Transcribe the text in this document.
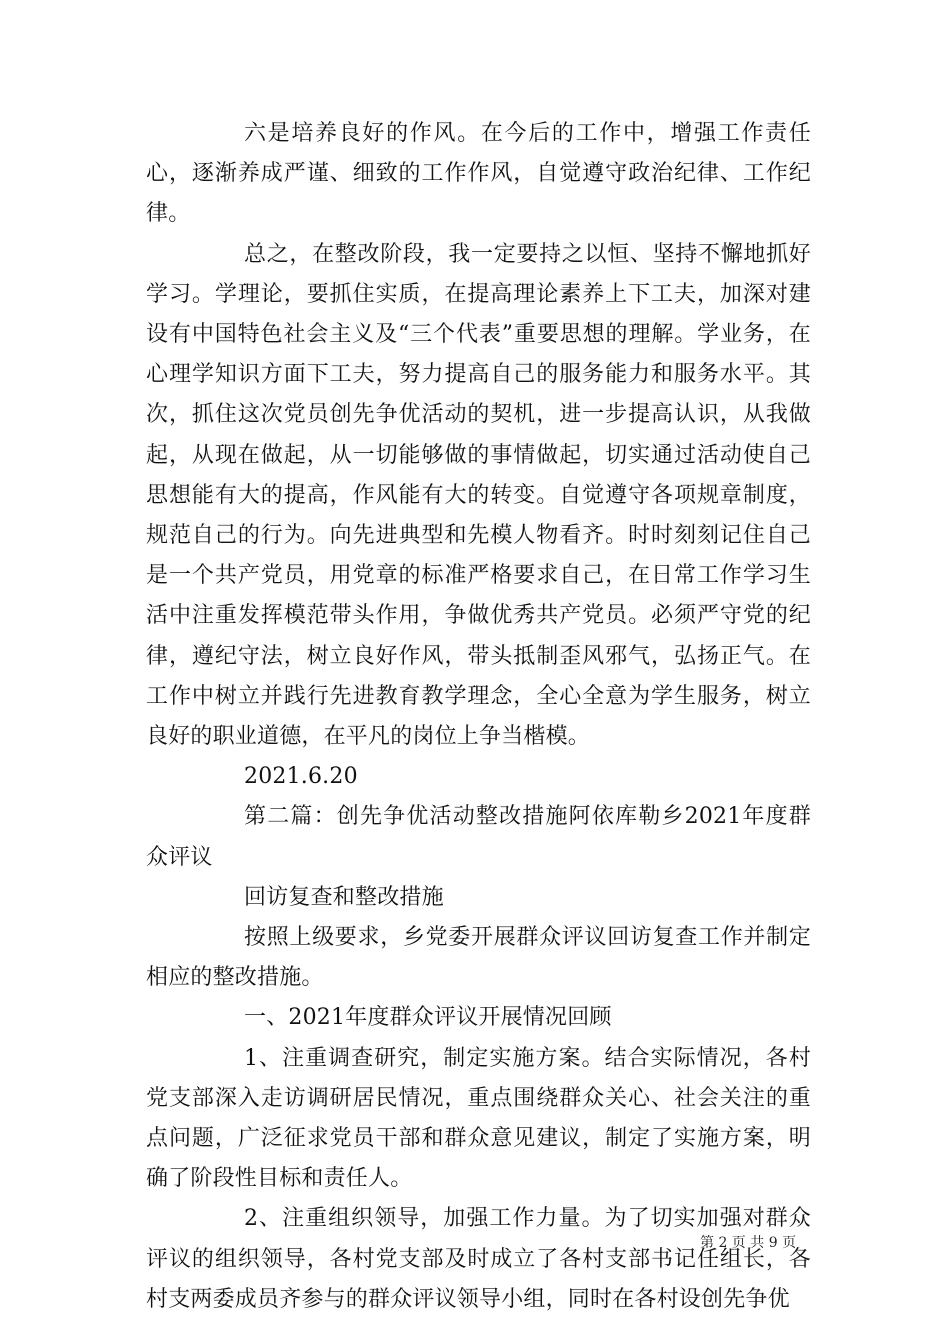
六是培养良好的作风。在今后的工作中，增强工作责任心，逐渐养成严谨、细致的工作作风，自觉遵守政治纪律、工作纪律。

总之，在整改阶段，我一定要持之以恒、坚持不懈地抓好学习。学理论，要抓住实质，在提高理论素养上下工夫，加深对建设有中国特色社会主义及“三个代表”重要思想的理解。学业务，在心理学知识方面下工夫，努力提高自己的服务能力和服务水平。其次，抓住这次党员创先争优活动的契机，进一步提高认识，从我做起，从现在做起，从一切能够做的事情做起，切实通过活动使自己思想能有大的提高，作风能有大的转变。自觉遵守各项规章制度，规范自己的行为。向先进典型和先模人物看齐。时时刻刻记住自己是一个共产党员，用党章的标准严格要求自己，在日常工作学习生活中注重发挥模范带头作用，争做优秀共产党员。必须严守党的纪律，遵纪守法，树立良好作风，带头抵制歪风邪气，弘扬正气。在工作中树立并践行先进教育教学理念，全心全意为学生服务，树立良好的职业道德，在平凡的岗位上争当楷模。

2021.6.20

第二篇：创先争优活动整改措施阿依库勒乡2021年度群众评议

回访复查和整改措施

按照上级要求，乡党委开展群众评议回访复查工作并制定相应的整改措施。

一、2021年度群众评议开展情况回顾

1、注重调查研究，制定实施方案。结合实际情况，各村党支部深入走访调研居民情况，重点围绕群众关心、社会关注的重点问题，广泛征求党员干部和群众意见建议，制定了实施方案，明确了阶段性目标和责任人。

2、注重组织领导，加强工作力量。为了切实加强对群众评议的组织领导，各村党支部及时成立了各村支部书记任组长，各村支两委成员齐参与的群众评议领导小组，同时在各村设创先争优

第 2 页 共 9 页
